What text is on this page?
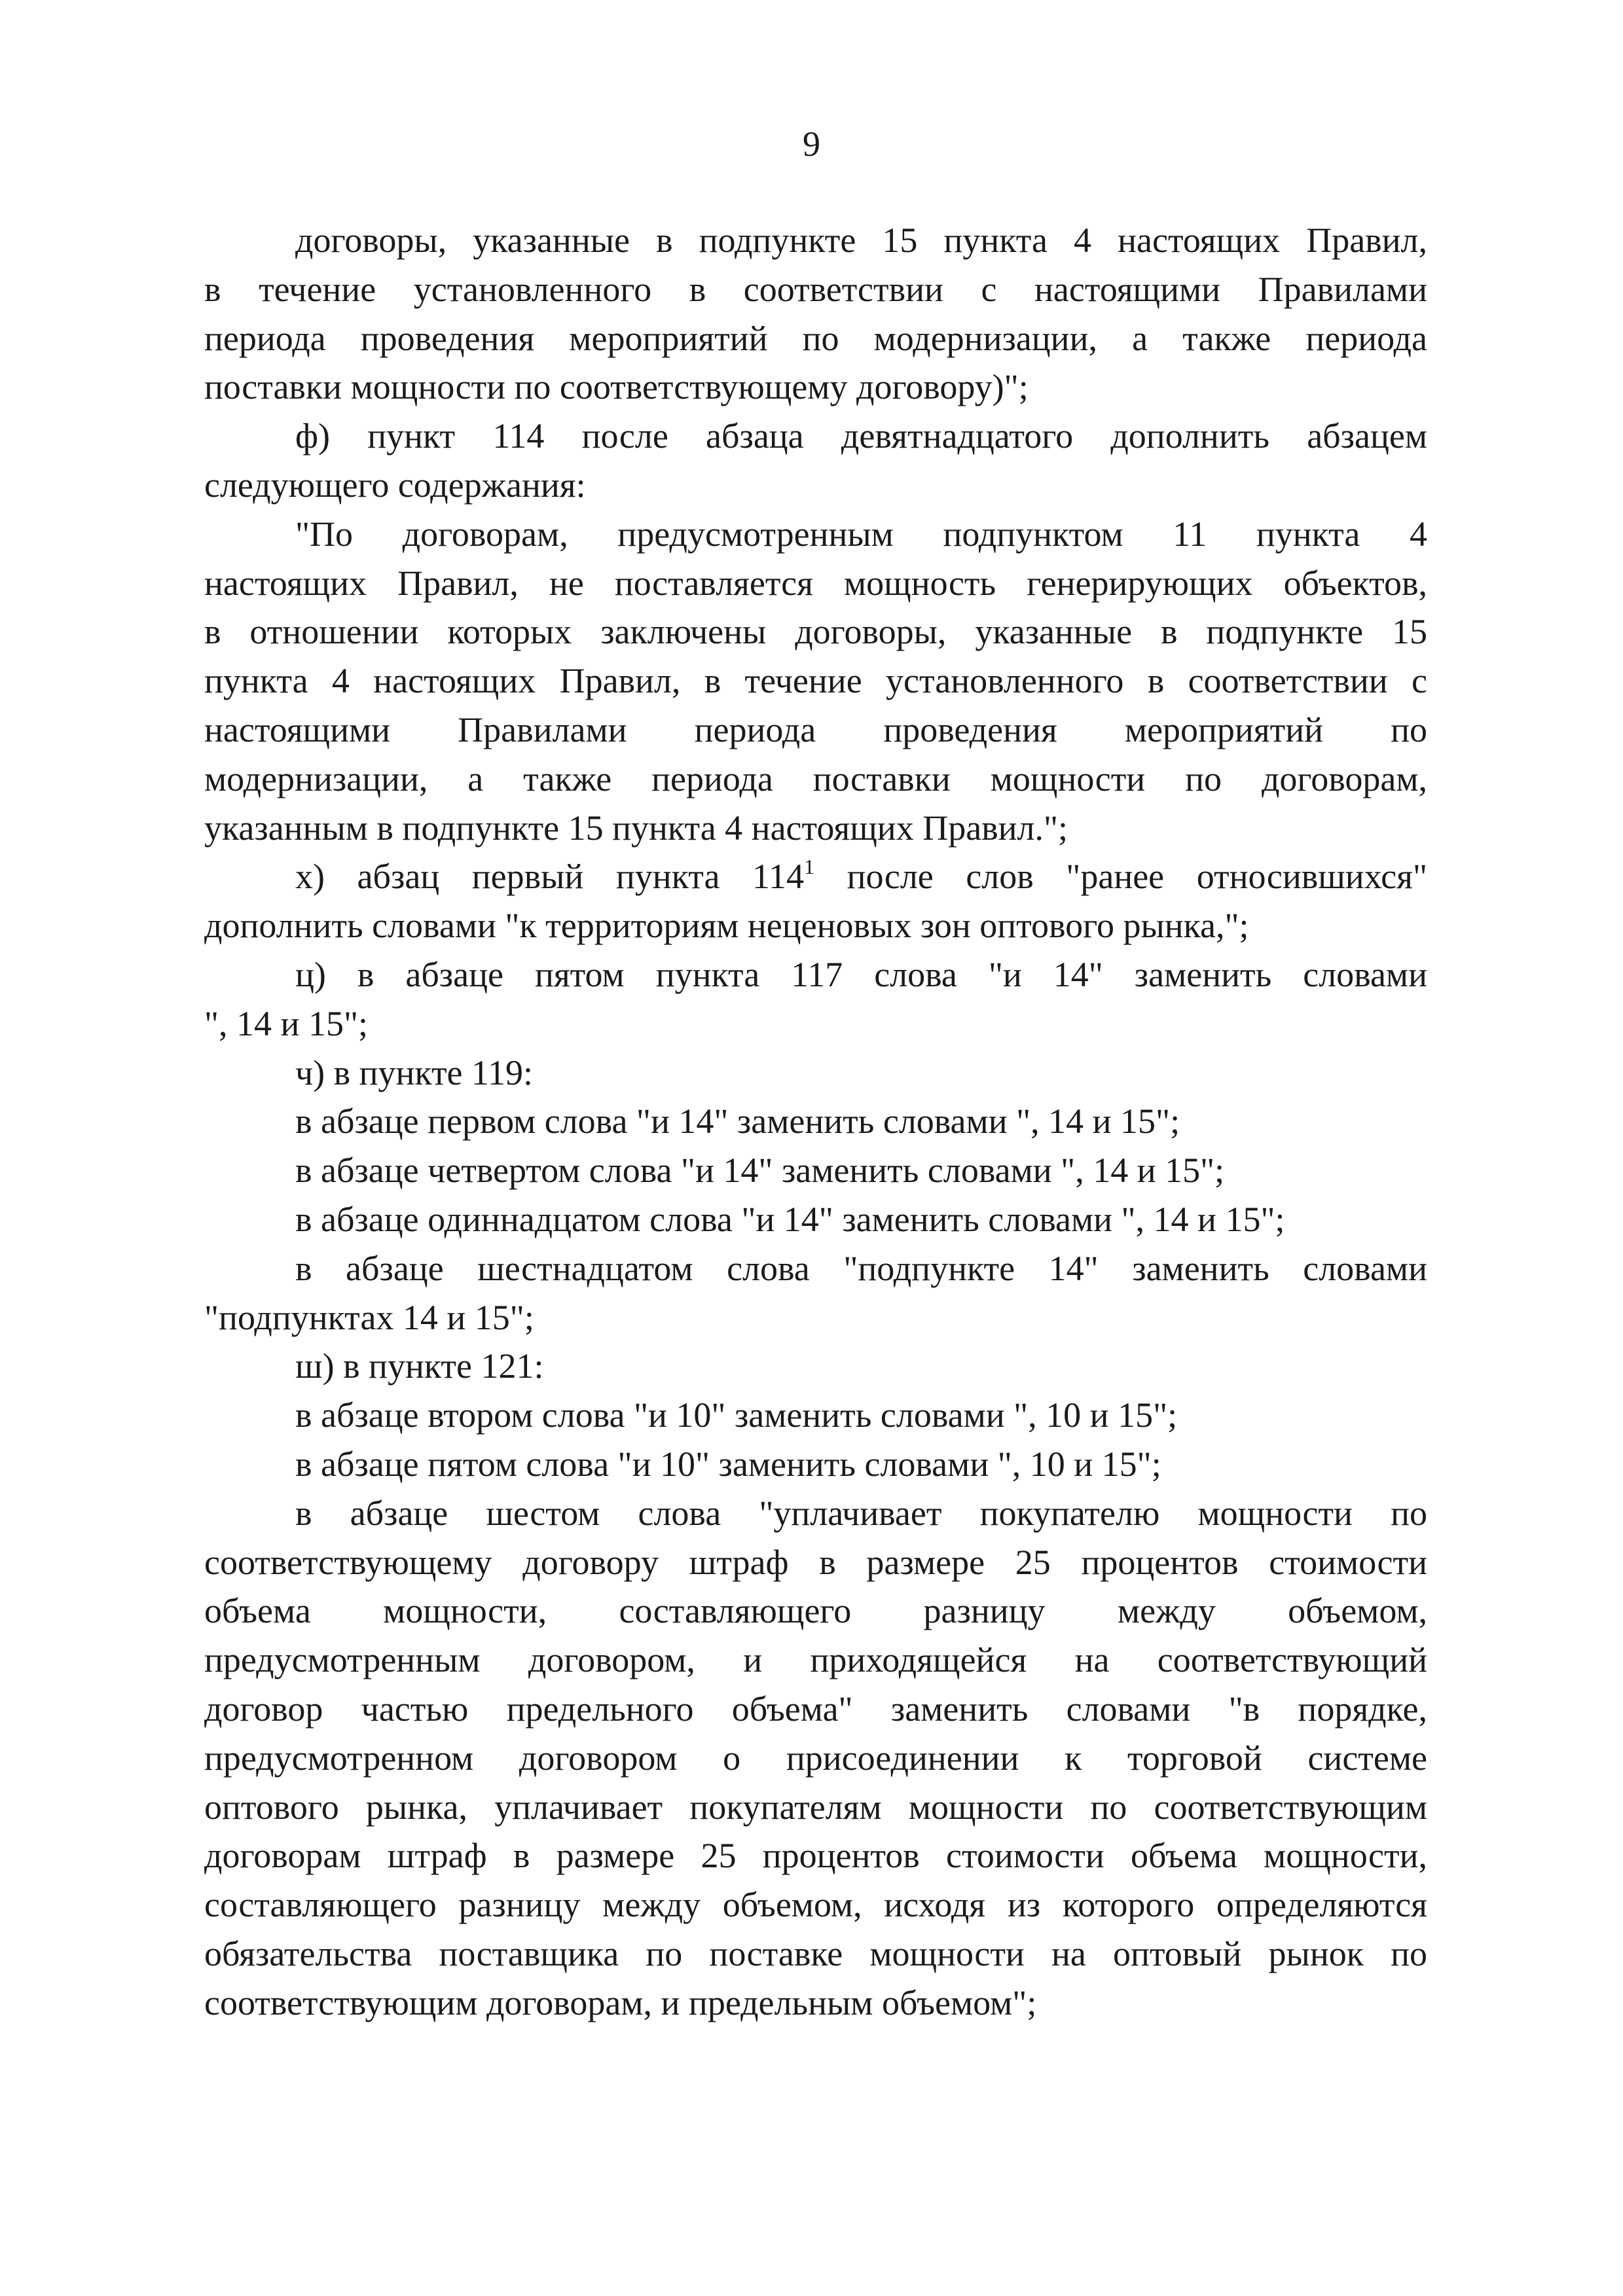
9

договоры, указанные в подпункте 15 пункта 4 настоящих Правил,
в течение установленного в соответствии с настоящими Правилами
периода проведения мероприятий по модернизации, а также периода
поставки мощности по соответствующему договору)";

ф) пункт 114 после абзаца девятнадцатого дополнить абзацем
следующего содержания:

"По договорам, предусмотренным подпунктом 11 пункта 4
настоящих Правил, не поставляется мощность генерирующих объектов,
в отношении которых заключены договоры, указанные в подпункте 15
пункта 4 настоящих Правил, в течение установленного в соответствии с
настоящими Правилами периода проведения мероприятий по
модернизации, а также периода поставки мощности по договорам,
указанным в подпункте 15 пункта 4 настоящих Правил.";

х) абзац первый пункта $114^1$ после слов "ранее относившихся"
дополнить словами "к территориям неценовых зон оптового рынка,";

ц) в абзаце пятом пункта 117 слова "и 14" заменить словами
", 14 и 15";

ч) в пункте 119:

в абзаце первом слова "и 14" заменить словами ", 14 и 15";

в абзаце четвертом слова "и 14" заменить словами ", 14 и 15";

в абзаце одиннадцатом слова "и 14" заменить словами ", 14 и 15";

в абзаце шестнадцатом слова "подпункте 14" заменить словами
"подпунктах 14 и 15";

ш) в пункте 121:

в абзаце втором слова "и 10" заменить словами ", 10 и 15";

в абзаце пятом слова "и 10" заменить словами ", 10 и 15";

в абзаце шестом слова "уплачивает покупателю мощности по
соответствующему договору штраф в размере 25 процентов стоимости
объема мощности, составляющего разницу между объемом,
предусмотренным договором, и приходящейся на соответствующий
договор частью предельного объема" заменить словами "в порядке,
предусмотренном договором о присоединении к торговой системе
оптового рынка, уплачивает покупателям мощности по соответствующим
договорам штраф в размере 25 процентов стоимости объема мощности,
составляющего разницу между объемом, исходя из которого определяются
обязательства поставщика по поставке мощности на оптовый рынок по
соответствующим договорам, и предельным объемом";
